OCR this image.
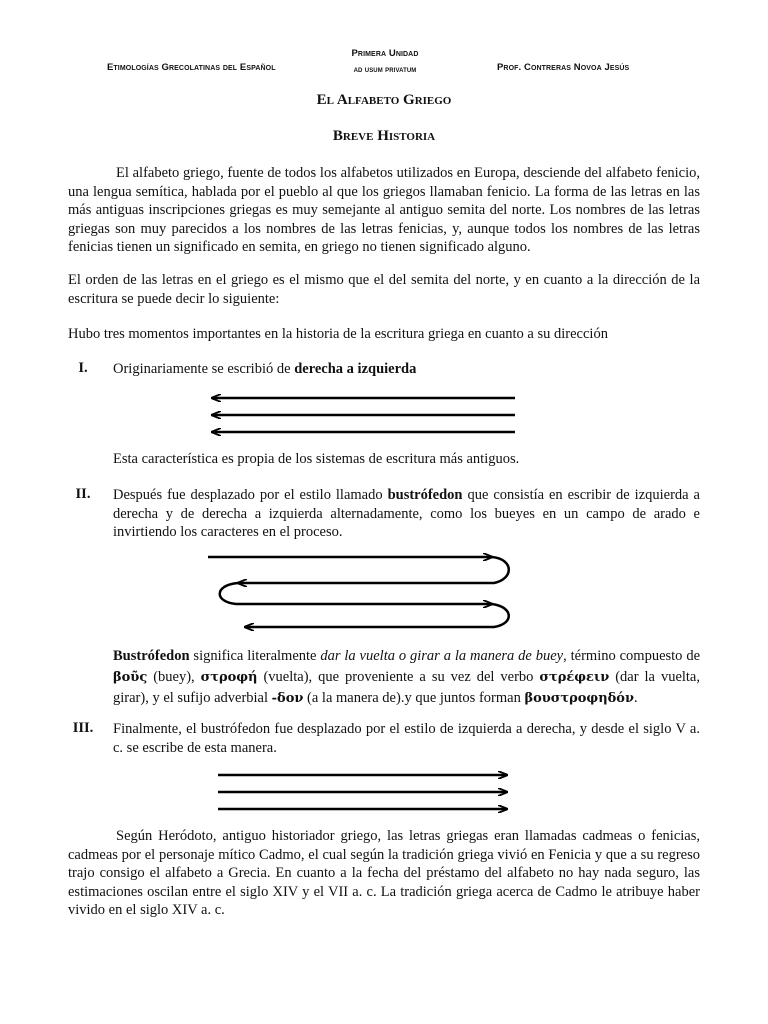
Etimologías Grecolatinas del Español
Primera Unidad
ad usum privatum	Prof. Contreras Novoa Jesús
El Alfabeto Griego
Breve Historia
El alfabeto griego, fuente de todos los alfabetos utilizados en Europa, desciende del alfabeto fenicio, una lengua semítica, hablada por el pueblo al que los griegos llamaban fenicio. La forma de las letras en las más antiguas inscripciones griegas es muy semejante al antiguo semita del norte. Los nombres de las letras griegas son muy parecidos a los nombres de las letras fenicias, y, aunque todos los nombres de las letras fenicias tienen un significado en semita, en griego no tienen significado alguno.
El orden de las letras en el griego es el mismo que el del semita del norte, y en cuanto a la dirección de la escritura se puede decir lo siguiente:
Hubo tres momentos importantes en la historia de la escritura griega en cuanto a su dirección
I.	Originariamente se escribió de derecha a izquierda
Esta característica es propia de los sistemas de escritura más antiguos.
II.	Después fue desplazado por el estilo llamado bustrófedon que consistía en escribir de izquierda a derecha y de derecha a izquierda alternadamente, como los bueyes en un campo de arado e invirtiendo los caracteres en el proceso.
Bustrófedon significa literalmente dar la vuelta o girar a la manera de buey, término compuesto de βοῦς (buey), στροφή (vuelta), que proveniente a su vez del verbo στρέφειν (dar la vuelta, girar), y el sufijo adverbial -δον (a la manera de).y que juntos forman βουστροφηδόν.
III.	Finalmente, el bustrófedon fue desplazado por el estilo de izquierda a derecha, y desde el siglo V a. c. se escribe de esta manera.
Según Heródoto, antiguo historiador griego, las letras griegas eran llamadas cadmeas o fenicias, cadmeas por el personaje mítico Cadmo, el cual según la tradición griega vivió en Fenicia y que a su regreso trajo consigo el alfabeto a Grecia. En cuanto a la fecha del préstamo del alfabeto no hay nada seguro, las estimaciones oscilan entre el siglo XIV y el VII a. c. La tradición griega acerca de Cadmo le atribuye haber vivido en el siglo XIV a. c.
